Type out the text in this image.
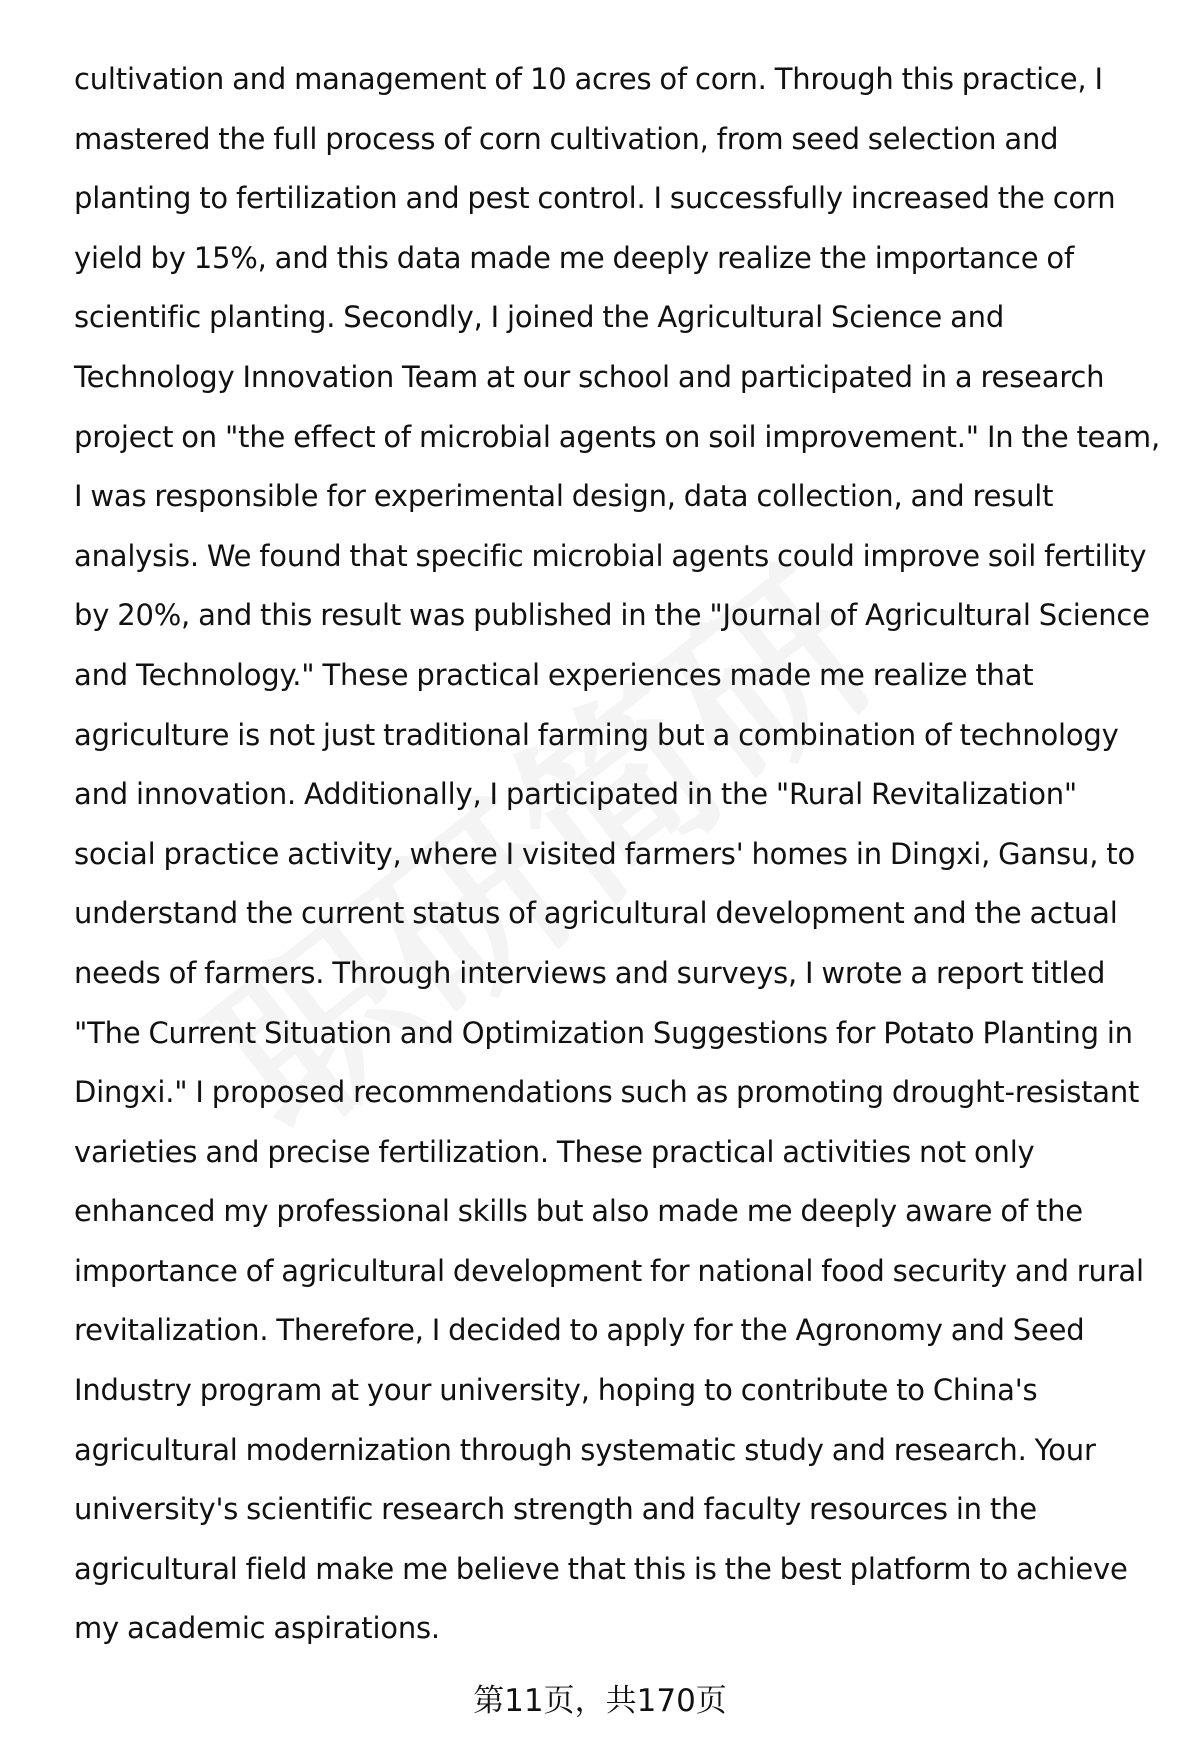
cultivation and management of 10 acres of corn. Through this practice, I mastered the full process of corn cultivation, from seed selection and planting to fertilization and pest control. I successfully increased the corn yield by 15%, and this data made me deeply realize the importance of scientific planting. Secondly, I joined the Agricultural Science and Technology Innovation Team at our school and participated in a research project on "the effect of microbial agents on soil improvement." In the team, I was responsible for experimental design, data collection, and result analysis. We found that specific microbial agents could improve soil fertility by 20%, and this result was published in the "Journal of Agricultural Science and Technology." These practical experiences made me realize that agriculture is not just traditional farming but a combination of technology and innovation. Additionally, I participated in the "Rural Revitalization" social practice activity, where I visited farmers' homes in Dingxi, Gansu, to understand the current status of agricultural development and the actual needs of farmers. Through interviews and surveys, I wrote a report titled "The Current Situation and Optimization Suggestions for Potato Planting in Dingxi." I proposed recommendations such as promoting drought-resistant varieties and precise fertilization. These practical activities not only enhanced my professional skills but also made me deeply aware of the importance of agricultural development for national food security and rural revitalization. Therefore, I decided to apply for the Agronomy and Seed Industry program at your university, hoping to contribute to China's agricultural modernization through systematic study and research. Your university's scientific research strength and faculty resources in the agricultural field make me believe that this is the best platform to achieve my academic aspirations.

第11页，共170页
